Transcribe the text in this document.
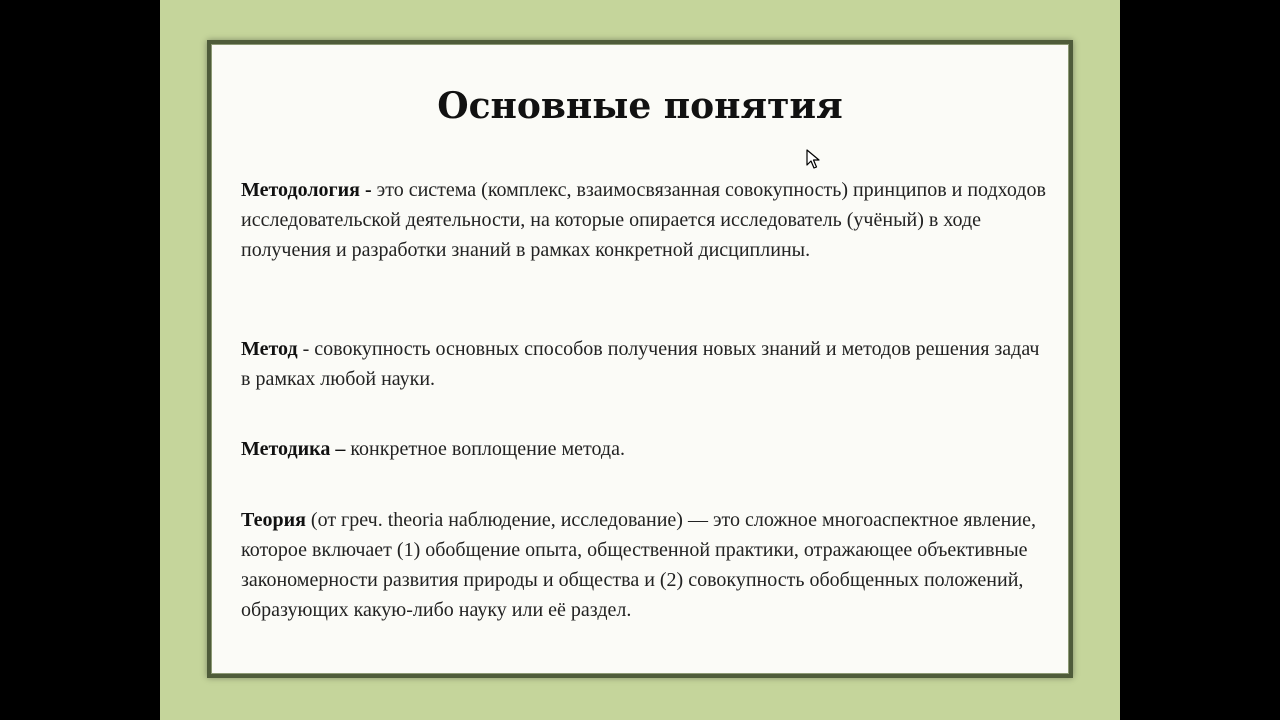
Основные понятия

Методология - это система (комплекс, взаимосвязанная совокупность) принципов и подходов исследовательской деятельности, на которые опирается исследователь (учёный) в ходе получения и разработки знаний в рамках конкретной дисциплины.

Метод - совокупность основных способов получения новых знаний и методов решения задач в рамках любой науки.

Методика – конкретное воплощение метода.

Теория (от греч. theoria наблюдение, исследование) — это сложное многоаспектное явление, которое включает (1) обобщение опыта, общественной практики, отражающее объективные закономерности развития природы и общества и (2) совокупность обобщенных положений, образующих какую-либо науку или её раздел.
